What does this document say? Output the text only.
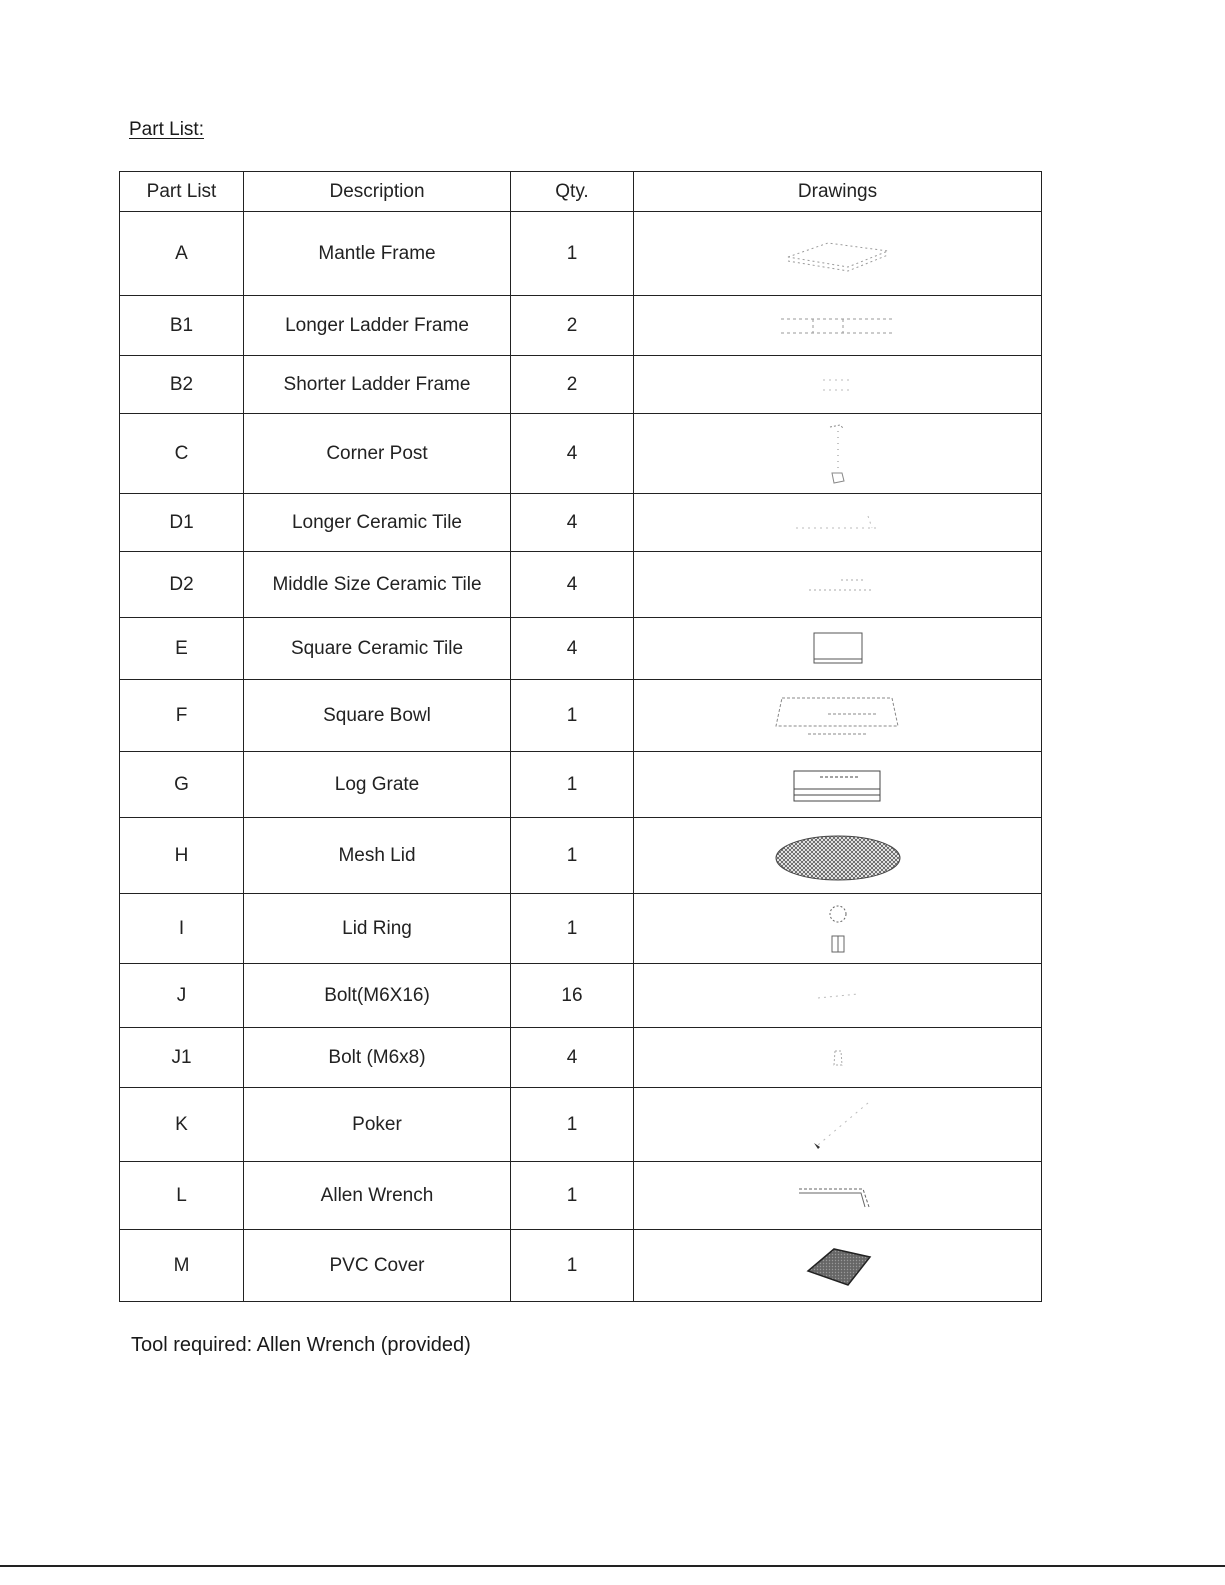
Part List:
Part List	Description	Qty.	Drawings
A	Mantle Frame	1	

B1	Longer Ladder Frame	2	

B2	Shorter Ladder Frame	2	

C	Corner Post	4	

D1	Longer Ceramic Tile	4	

D2	Middle Size Ceramic Tile	4	

E	Square Ceramic Tile	4	

F	Square Bowl	1	

G	Log Grate	1	

H	Mesh Lid	1	

I	Lid Ring	1	

J	Bolt(M6X16)	16	

J1	Bolt (M6x8)	4	

K	Poker	1	

L	Allen Wrench	1	

M	PVC Cover	1	
Tool required: Allen Wrench (provided)
